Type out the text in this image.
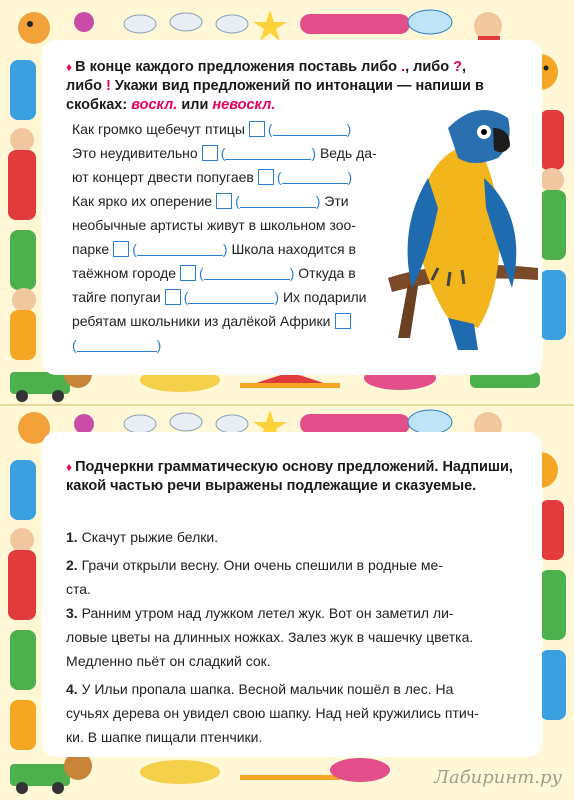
♦ В конце каждого предложения поставь либо ., либо ?,
либо ! Укажи вид предложений по интонации — напиши в скобках: воскл. или невоскл.
Как громко щебечут птицы (	)
Это неудивительно (	) Ведь да-
ют концерт двести попугаев (	)
Как ярко их оперение (	) Эти
необычные артисты живут в школьном зоо-
парке (	) Школа находится в
таёжном городе (	) Откуда в
тайге попугаи (	) Их подарили
ребятам школьники из далёкой Африки
(	)
♦ Подчеркни грамматическую основу предложений. Надпиши, какой частью речи выражены подлежащие и сказуемые.
1. Скачут рыжие белки.
2. Грачи открыли весну. Они очень спешили в родные ме-
ста.
3. Ранним утром над лужком летел жук. Вот он заметил ли-
ловые цветы на длинных ножках. Залез жук в чашечку цветка.
Медленно пьёт он сладкий сок.
4. У Ильи пропала шапка. Весной мальчик пошёл в лес. На
сучьях дерева он увидел свою шапку. Над ней кружились птич-
ки. В шапке пищали птенчики.
Лабиринт.ру
